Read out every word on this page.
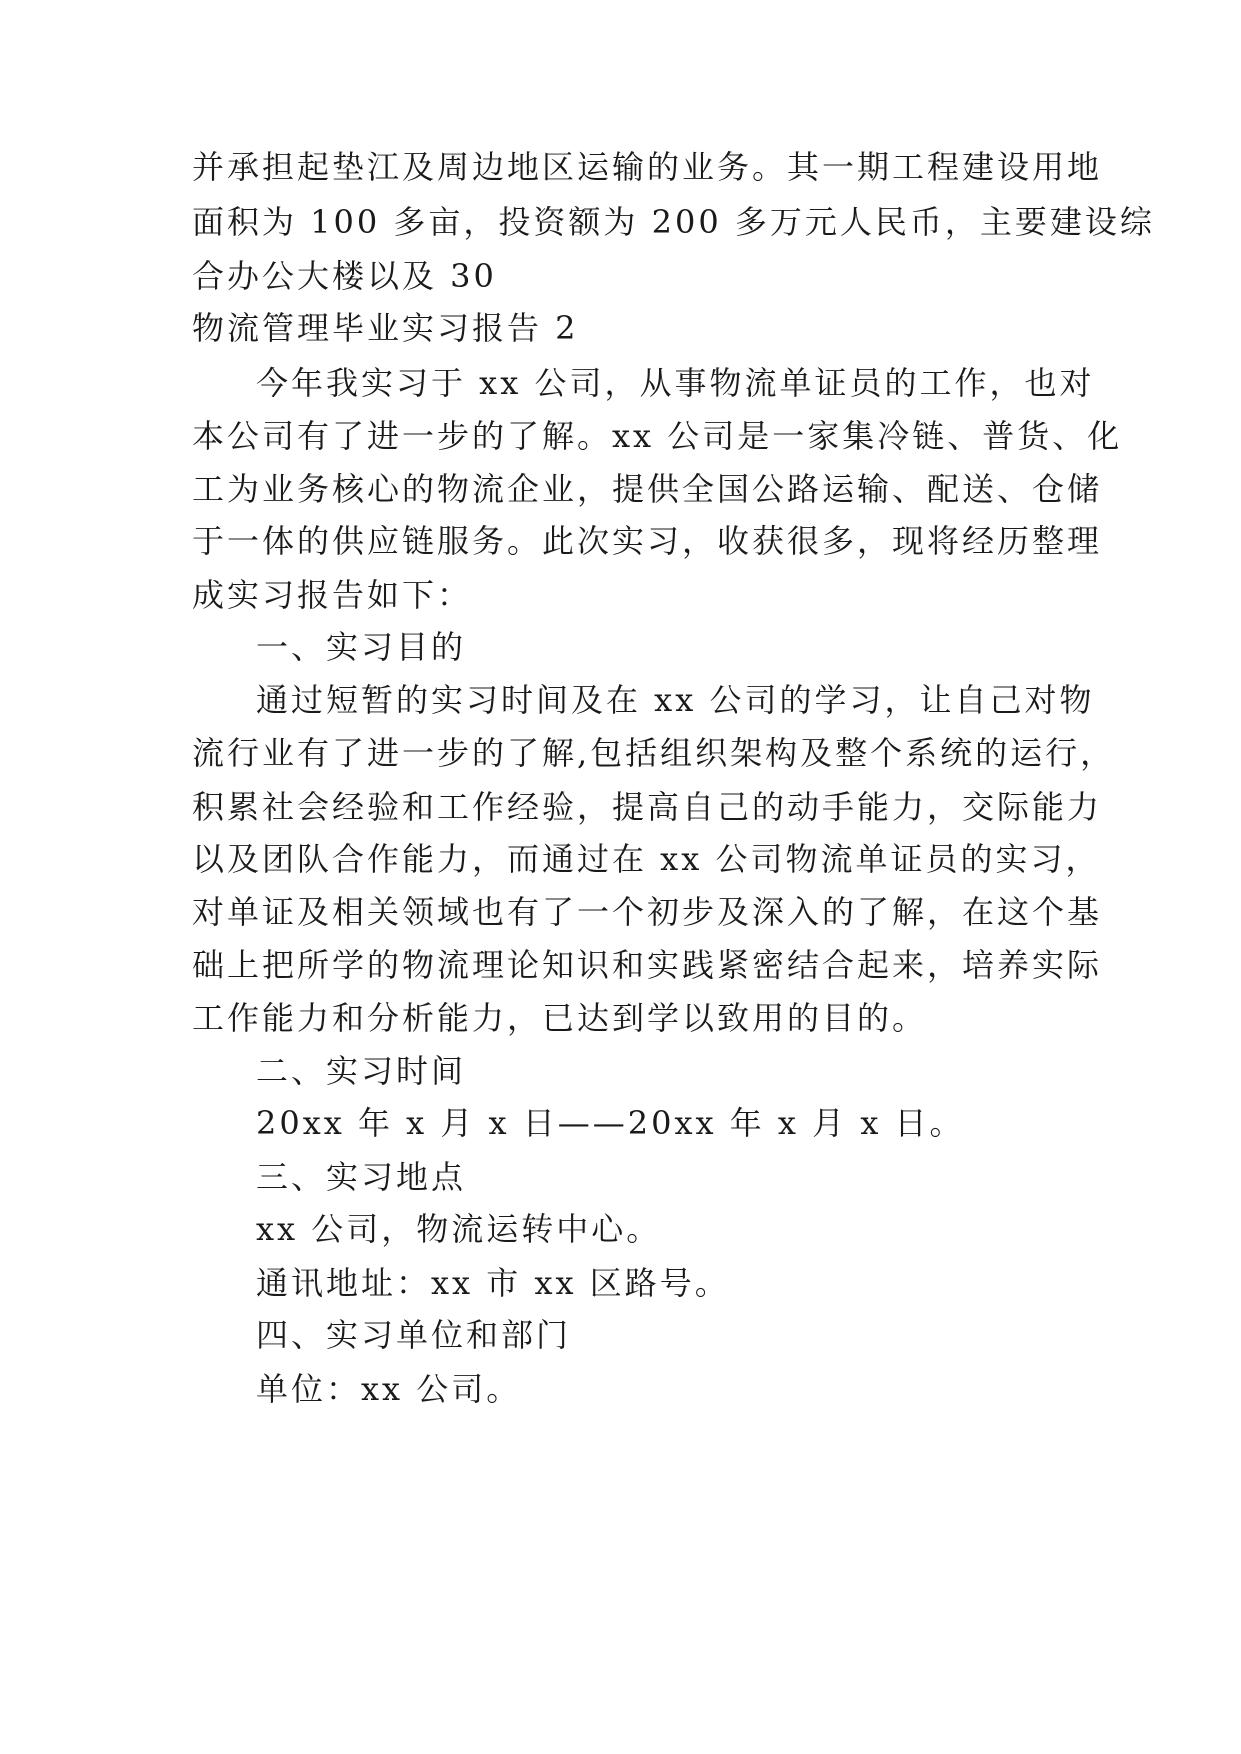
并承担起垫江及周边地区运输的业务。其一期工程建设用地
面积为 100 多亩，投资额为 200 多万元人民币，主要建设综
合办公大楼以及 30
物流管理毕业实习报告 2
今年我实习于 xx 公司，从事物流单证员的工作，也对
本公司有了进一步的了解。xx 公司是一家集冷链、普货、化
工为业务核心的物流企业，提供全国公路运输、配送、仓储
于一体的供应链服务。此次实习，收获很多，现将经历整理
成实习报告如下：
一、实习目的
通过短暂的实习时间及在 xx 公司的学习，让自己对物
流行业有了进一步的了解,包括组织架构及整个系统的运行，
积累社会经验和工作经验，提高自己的动手能力，交际能力
以及团队合作能力，而通过在 xx 公司物流单证员的实习，
对单证及相关领域也有了一个初步及深入的了解，在这个基
础上把所学的物流理论知识和实践紧密结合起来，培养实际
工作能力和分析能力，已达到学以致用的目的。
二、实习时间
20xx 年 x 月 x 日——20xx 年 x 月 x 日。
三、实习地点
xx 公司，物流运转中心。
通讯地址：xx 市 xx 区路号。
四、实习单位和部门
单位：xx 公司。
